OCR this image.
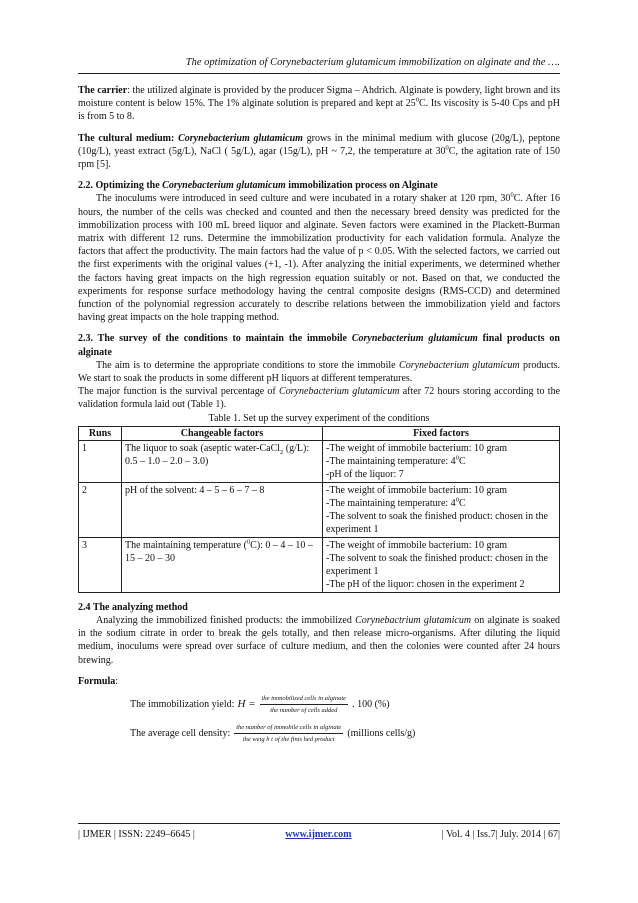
The optimization of Corynebacterium glutamicum immobilization on alginate and the ….

The carrier: the utilized alginate is provided by the producer Sigma – Ahdrich. Alginate is powdery, light brown and its moisture content is below 15%. The 1% alginate solution is prepared and kept at $25^0C$. Its viscosity is 5-40 Cps and pH is from 5 to 8.

The cultural medium: Corynebacterium glutamicum grows in the minimal medium with glucose (20g/L), peptone (10g/L), yeast extract (5g/L), NaCl ( 5g/L), agar (15g/L), pH ~ 7,2, the temperature at $30^0C$, the agitation rate of 150 rpm [5].

2.2. Optimizing the Corynebacterium glutamicum immobilization process on Alginate

The inoculums were introduced in seed culture and were incubated in a rotary shaker at 120 rpm, $30^0C$. After 16 hours, the number of the cells was checked and counted and then the necessary breed density was predicted for the immobilization process with 100 mL breed liquor and alginate. Seven factors were examined in the Plackett-Burman matrix with different 12 runs. Determine the immobilization productivity for each validation formula. Analyze the factors that affect the productivity. The main factors had the value of p < 0.05. With the selected factors, we carried out the first experiments with the original values (+1, -1). After analyzing the initial experiments, we determined whether the factors having great impacts on the high regression equation suitably or not. Based on that, we conducted the experiments for response surface methodology having the central composite designs (RMS-CCD) and determined function of the polynomial regression accurately to describe relations between the immobilization yield and factors having great impacts on the hole trapping method.

2.3. The survey of the conditions to maintain the immobile Corynebacterium glutamicum final products on alginate

The aim is to determine the appropriate conditions to store the immobile Corynebacterium glutamicum products. We start to soak the products in some different pH liquors at different temperatures.

The major function is the survival percentage of Corynebacterium glutamicum after 72 hours storing according to the validation formula laid out (Table 1).

Table 1. Set up the survey experiment of the conditions

Runs	Changeable factors	Fixed factors
1	The liquor to soak (aseptic water-CaCl$_2$ (g/L): 0.5 – 1.0 – 2.0 – 3.0)	-The weight of immobile bacterium: 10 gram
-The maintaining temperature: $4^0C$
-pH of the liquor: 7

2	pH of the solvent: 4 – 5 – 6 – 7 – 8	-The weight of immobile bacterium: 10 gram
-The maintaining temperature: $4^0C$
-The solvent to soak the finished product: chosen in the experiment 1

3	The maintaining temperature ($^0$C): 0 – 4 – 10 – 15 – 20 – 30	-The weight of immobile bacterium: 10 gram
-The solvent to soak the finished product: chosen in the experiment 1
-The pH of the liquor: chosen in the experiment 2

2.4 The analyzing method

Analyzing the immobilized finished products: the immobilized Corynebactrium glutamicum on alginate is soaked in the sodium citrate in order to break the gels totally, and then release micro-organisms. After diluting the liquid medium, inoculums were spread over surface of culture medium, and then the colonies were counted after 24 hours brewing.

Formula:

The immobilization yield: $H = \frac{\text{the immobilized cells in alginate}}{\text{the number of cells added}}$ . 100 (%)
The average cell density: $\frac{\text{the number of immobile cells in alginate}}{\text{the weig h t of the finis hed product}}$ (millions cells/g)
| IJMER | ISSN: 2249–6645 |	www.ijmer.com	| Vol. 4 | Iss.7| July. 2014 | 67|
